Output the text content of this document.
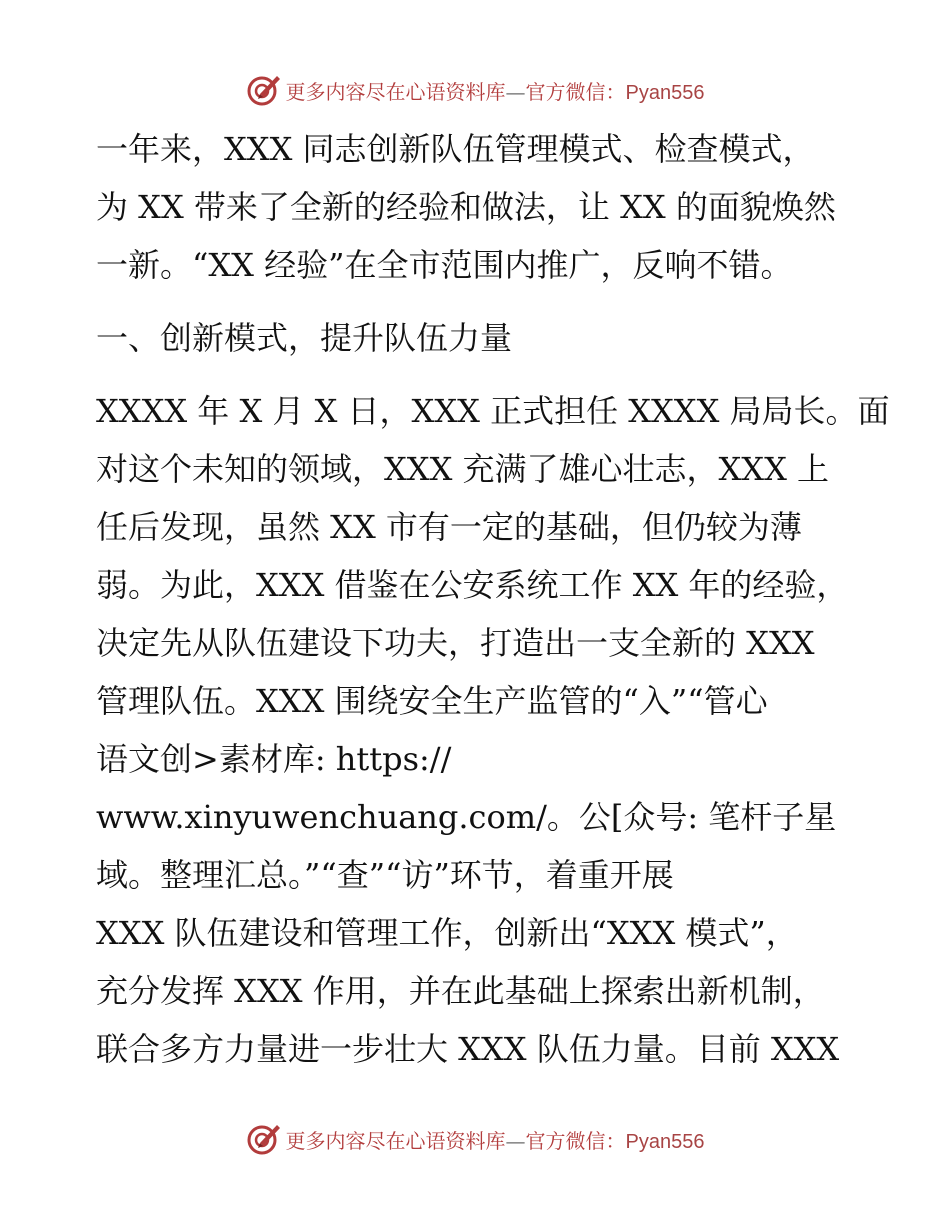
更多内容尽在心语资料库—官方微信：Pyan556

一年来，XXX 同志创新队伍管理模式、检查模式，
为 XX 带来了全新的经验和做法，让 XX 的面貌焕然
一新。“XX 经验”在全市范围内推广，反响不错。

一、创新模式，提升队伍力量

XXXX 年 X 月 X 日，XXX 正式担任 XXXX 局局长。面
对这个未知的领域，XXX 充满了雄心壮志，XXX 上
任后发现，虽然 XX 市有一定的基础，但仍较为薄
弱。为此，XXX 借鉴在公安系统工作 XX 年的经验，
决定先从队伍建设下功夫，打造出一支全新的 XXX
管理队伍。XXX 围绕安全生产监管的“入”“管心
语文创>素材库: https://
www.xinyuwenchuang.com/。公[众号: 笔杆子星
域。整理汇总。”“查”“访”环节，着重开展
XXX 队伍建设和管理工作，创新出“XXX 模式”，
充分发挥 XXX 作用，并在此基础上探索出新机制，
联合多方力量进一步壮大 XXX 队伍力量。目前 XXX

更多内容尽在心语资料库—官方微信：Pyan556
